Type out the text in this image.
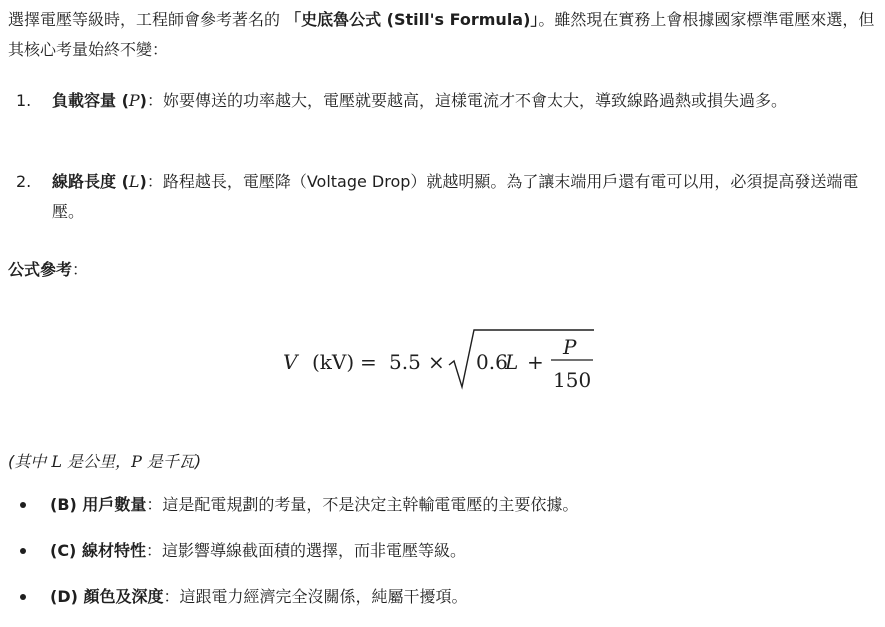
選擇電壓等級時，工程師會參考著名的 「史底魯公式 (Still's Formula)」。雖然現在實務上會根據國家標準電壓來選，但其核心考量始終不變：

1.	負載容量 (P)：妳要傳送的功率越大，電壓就要越高，這樣電流才不會太大，導致線路過熱或損失過多。
2.	線路長度 (L)：路程越長，電壓降（Voltage Drop）就越明顯。為了讓末端用戶還有電可以用，必須提高發送端電壓。

公式參考：

V (kV) = 5.5 × 0.6
L +
P
150
(其中 L 是公里，P 是千瓦)
(B) 用戶數量：這是配電規劃的考量，不是決定主幹輸電電壓的主要依據。
(C) 線材特性：這影響導線截面積的選擇，而非電壓等級。
(D) 顏色及深度：這跟電力經濟完全沒關係，純屬干擾項。
